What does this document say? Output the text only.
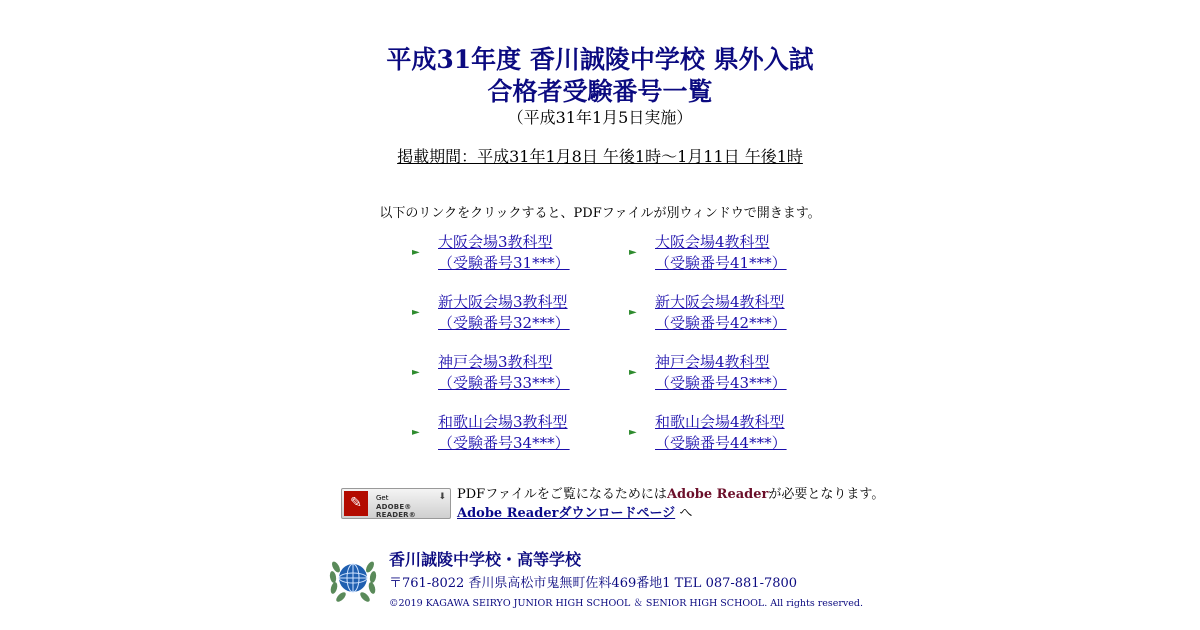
平成31年度 香川誠陵中学校 県外入試
合格者受験番号一覧
（平成31年1月5日実施）
掲載期間：平成31年1月8日 午後1時～1月11日 午後1時
以下のリンクをクリックすると、PDFファイルが別ウィンドウで開きます。
►
大阪会場3教科型
（受験番号31***）
►
大阪会場4教科型
（受験番号41***）
►
新大阪会場3教科型
（受験番号32***）
►
新大阪会場4教科型
（受験番号42***）
►
神戸会場3教科型
（受験番号33***）
►
神戸会場4教科型
（受験番号43***）
►
和歌山会場3教科型
（受験番号34***）
►
和歌山会場4教科型
（受験番号44***）
✎	Get
ADOBE® READER®
⬇ PDFファイルをご覧になるためにはAdobe Readerが必要となります。
Adobe Readerダウンロードページ へ
香川誠陵中学校・高等学校
〒761-8022 香川県高松市鬼無町佐料469番地1 TEL 087-881-7800
©2019 KAGAWA SEIRYO JUNIOR HIGH SCHOOL ＆ SENIOR HIGH SCHOOL. All rights reserved.
